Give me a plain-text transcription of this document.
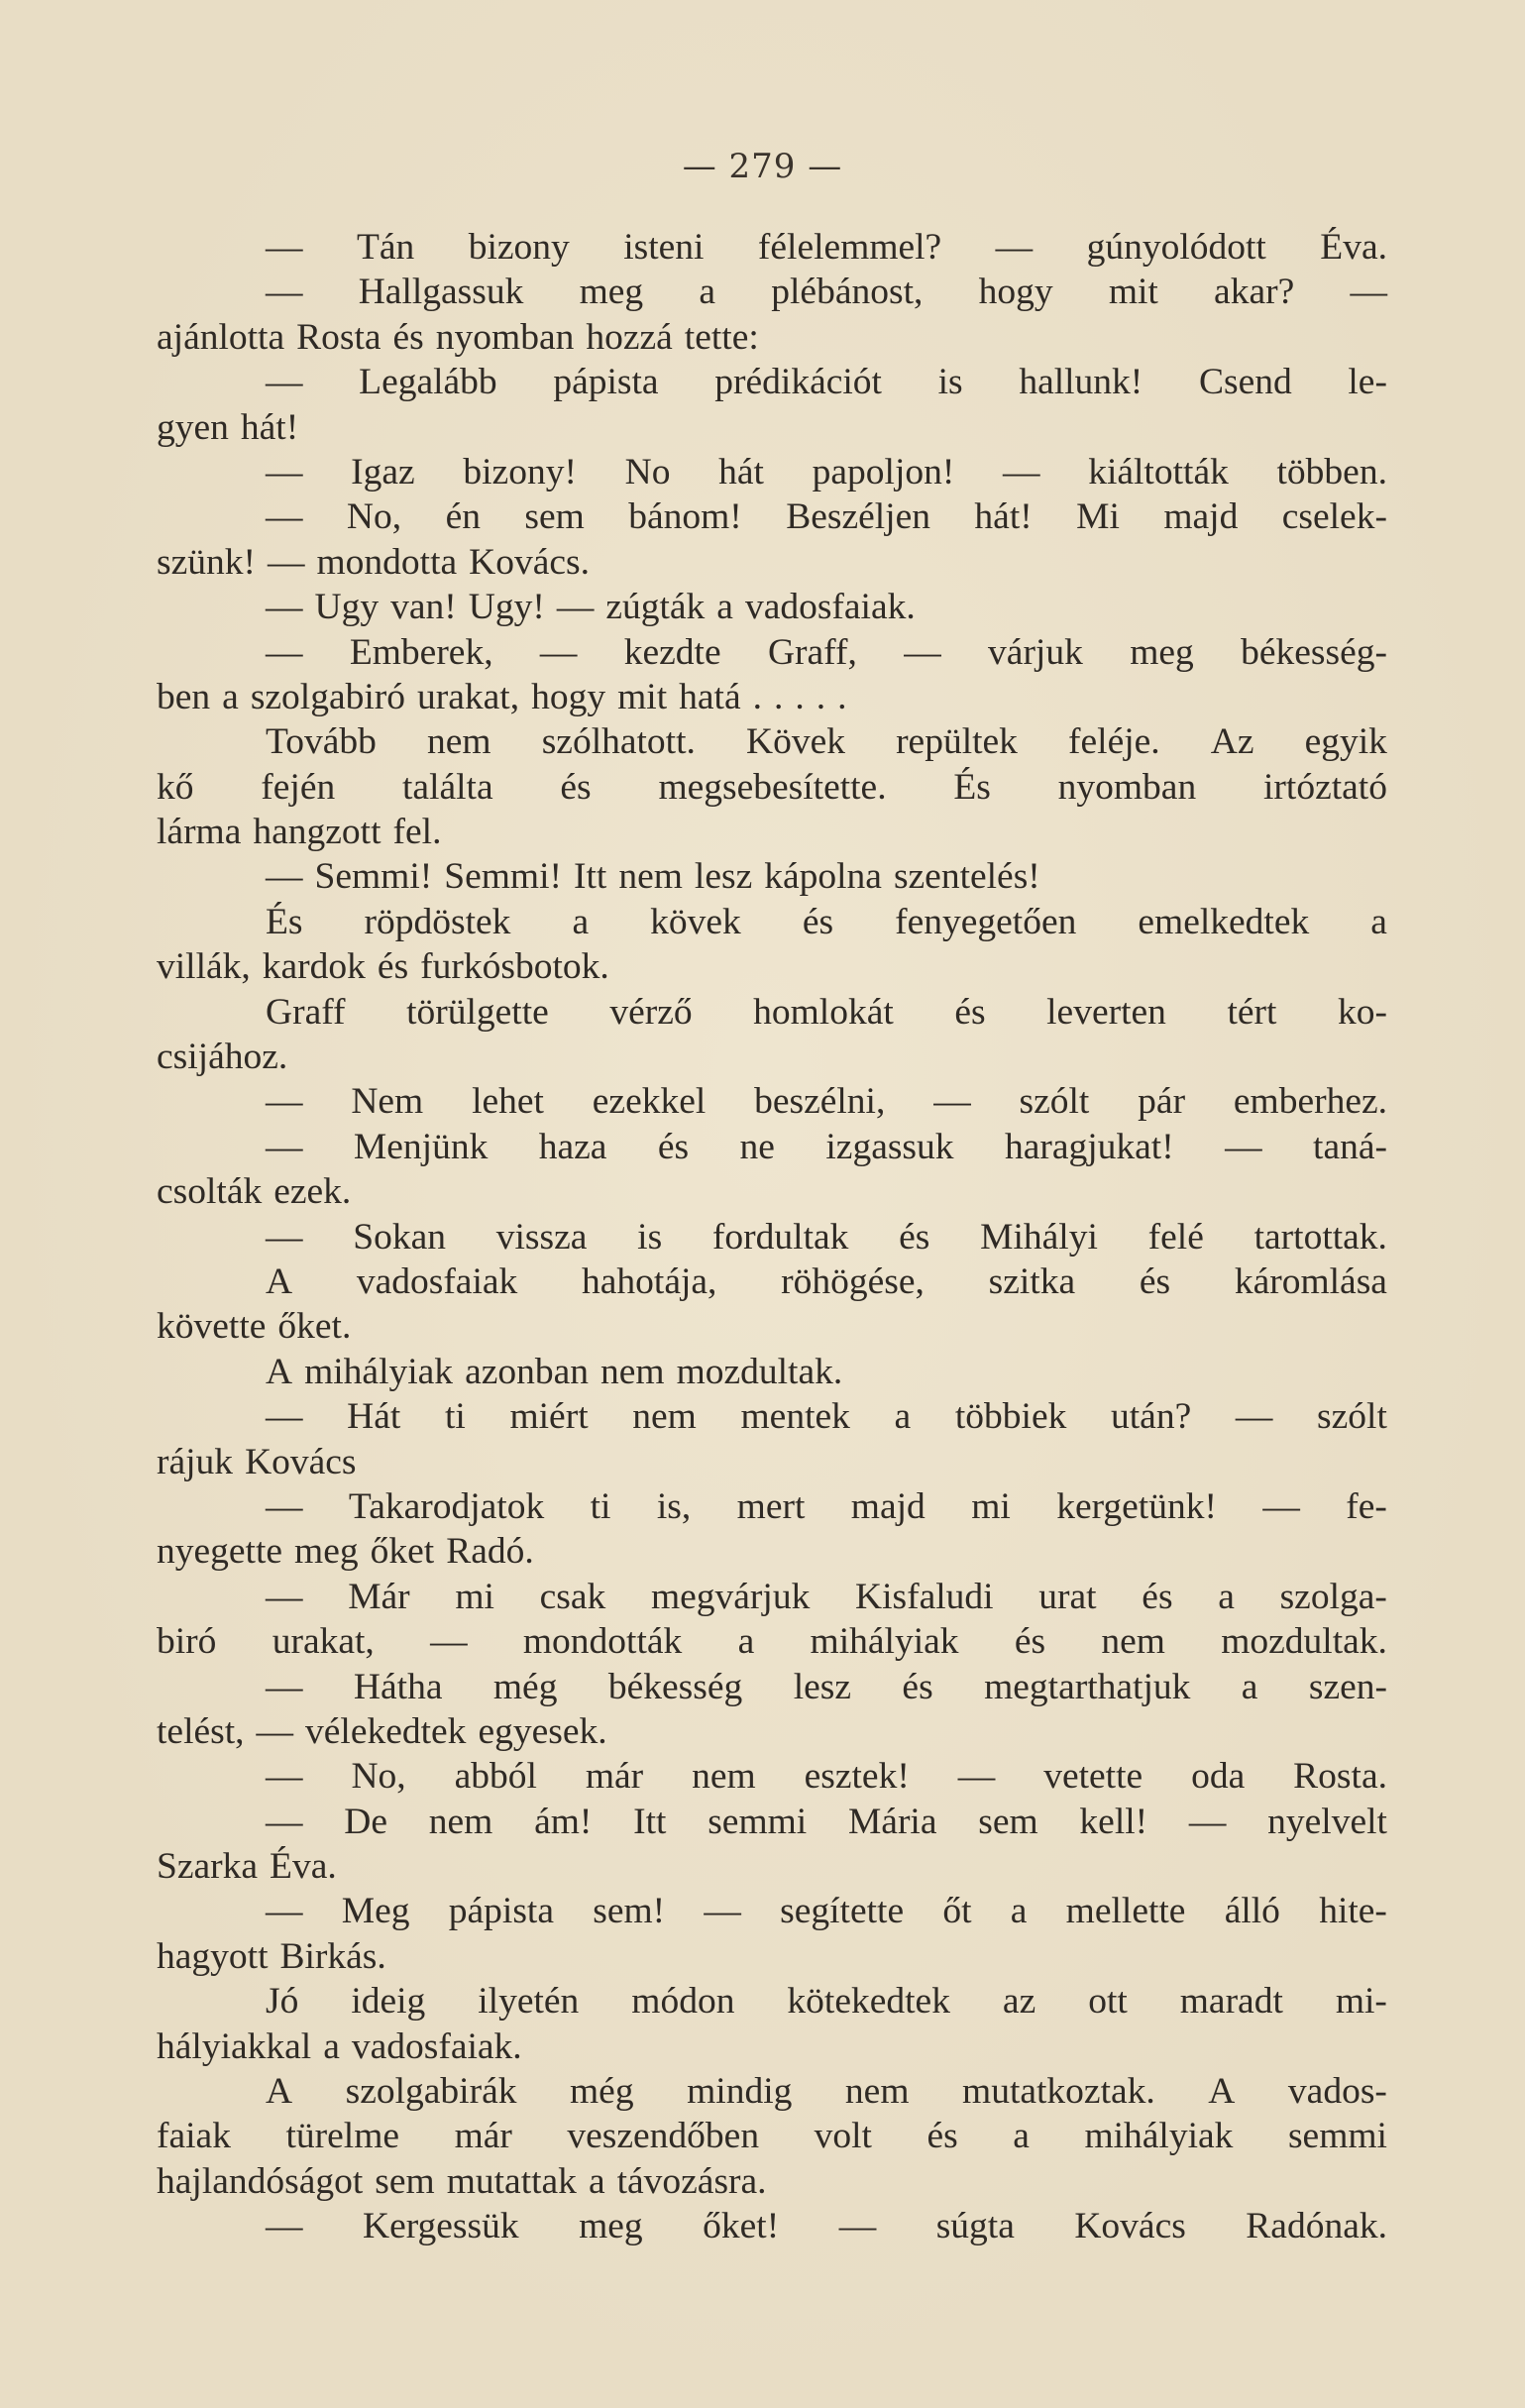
— 279 —
— Tán bizony isteni félelemmel? — gúnyolódott Éva.
— Hallgassuk meg a plébánost, hogy mit akar? —
ajánlotta Rosta és nyomban hozzá tette:
— Legalább pápista prédikációt is hallunk! Csend le-
gyen hát!
— Igaz bizony! No hát papoljon! — kiáltották többen.
— No, én sem bánom! Beszéljen hát! Mi majd cselek-
szünk! — mondotta Kovács.
— Ugy van! Ugy! — zúgták a vadosfaiak.
— Emberek, — kezdte Graff, — várjuk meg békesség-
ben a szolgabiró urakat, hogy mit hatá . . . . .
Tovább nem szólhatott. Kövek repültek feléje. Az egyik
kő fején találta és megsebesítette. És nyomban irtóztató
lárma hangzott fel.
— Semmi! Semmi! Itt nem lesz kápolna szentelés!
És röpdöstek a kövek és fenyegetően emelkedtek a
villák, kardok és furkósbotok.
Graff törülgette vérző homlokát és leverten tért ko-
csijához.
— Nem lehet ezekkel beszélni, — szólt pár emberhez.
— Menjünk haza és ne izgassuk haragjukat! — taná-
csolták ezek.
— Sokan vissza is fordultak és Mihályi felé tartottak.
A vadosfaiak hahotája, röhögése, szitka és káromlása
követte őket.
A mihályiak azonban nem mozdultak.
— Hát ti miért nem mentek a többiek után? — szólt
rájuk Kovács
— Takarodjatok ti is, mert majd mi kergetünk! — fe-
nyegette meg őket Radó.
— Már mi csak megvárjuk Kisfaludi urat és a szolga-
biró urakat, — mondották a mihályiak és nem mozdultak.
— Hátha még békesség lesz és megtarthatjuk a szen-
telést, — vélekedtek egyesek.
— No, abból már nem esztek! — vetette oda Rosta.
— De nem ám! Itt semmi Mária sem kell! — nyelvelt
Szarka Éva.
— Meg pápista sem! — segítette őt a mellette álló hite-
hagyott Birkás.
Jó ideig ilyetén módon kötekedtek az ott maradt mi-
hályiakkal a vadosfaiak.
A szolgabirák még mindig nem mutatkoztak. A vados-
faiak türelme már veszendőben volt és a mihályiak semmi
hajlandóságot sem mutattak a távozásra.
— Kergessük meg őket! — súgta Kovács Radónak.
